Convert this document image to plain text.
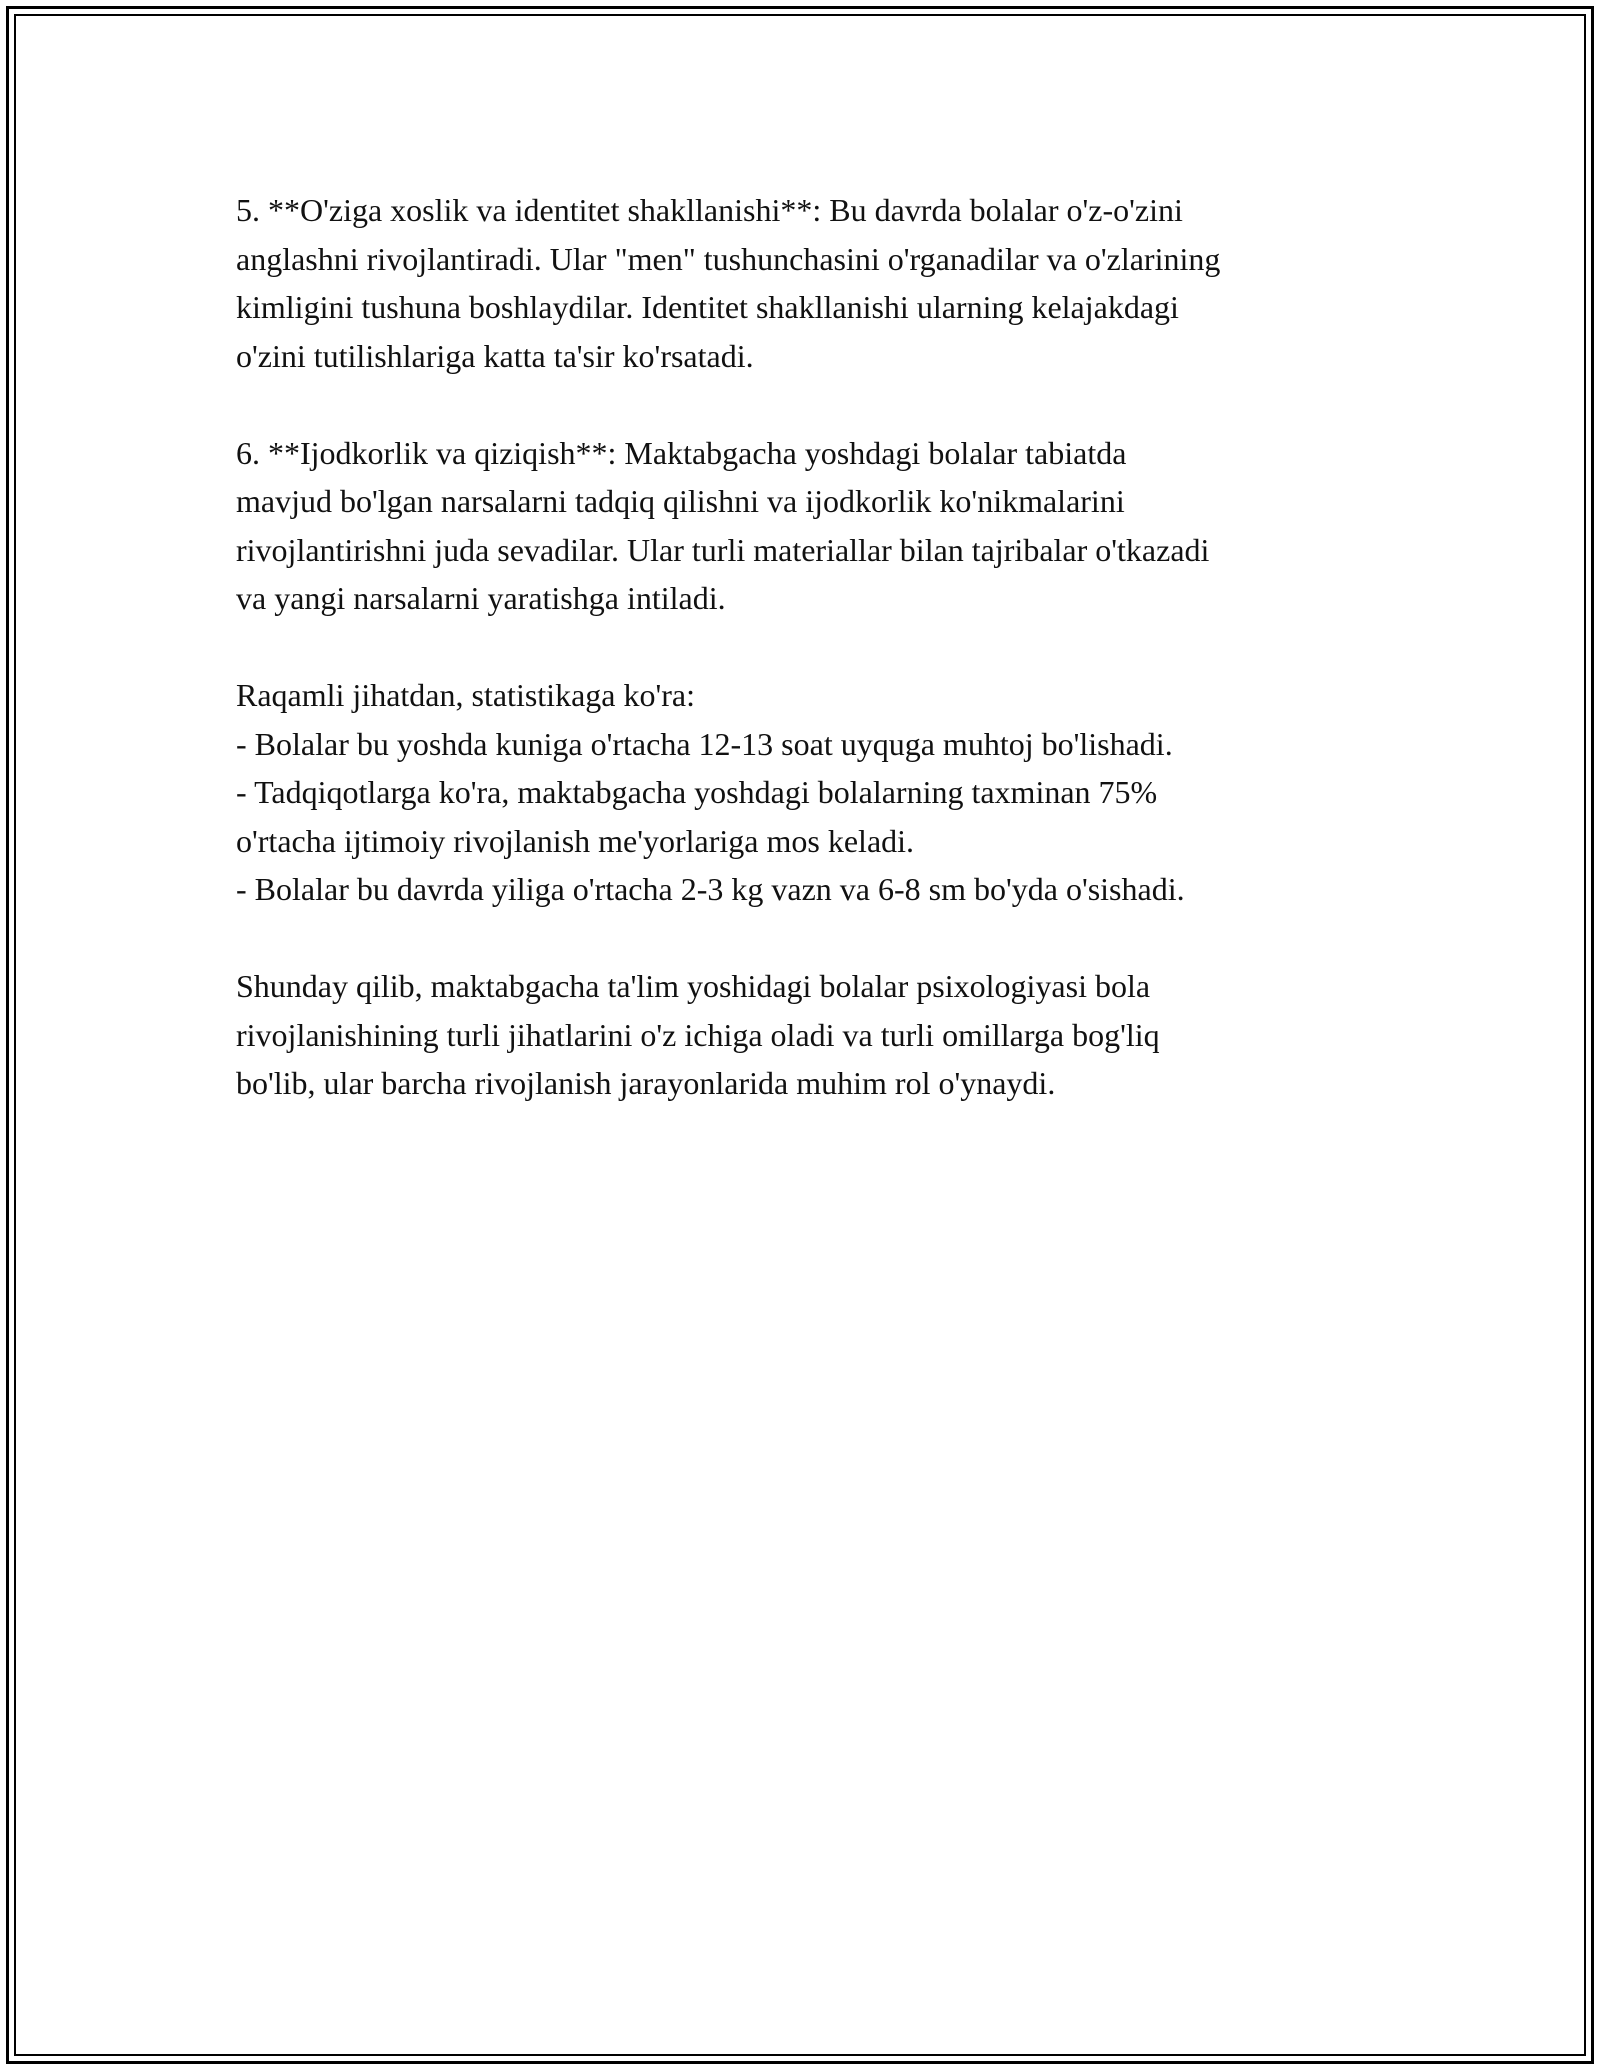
5. **O'ziga xoslik va identitet shakllanishi**: Bu davrda bolalar o'z-o'zini

anglashni rivojlantiradi. Ular "men" tushunchasini o'rganadilar va o'zlarining

kimligini tushuna boshlaydilar. Identitet shakllanishi ularning kelajakdagi

o'zini tutilishlariga katta ta'sir ko'rsatadi.

6. **Ijodkorlik va qiziqish**: Maktabgacha yoshdagi bolalar tabiatda

mavjud bo'lgan narsalarni tadqiq qilishni va ijodkorlik ko'nikmalarini

rivojlantirishni juda sevadilar. Ular turli materiallar bilan tajribalar o'tkazadi

va yangi narsalarni yaratishga intiladi.

Raqamli jihatdan, statistikaga ko'ra:

- Bolalar bu yoshda kuniga o'rtacha 12-13 soat uyquga muhtoj bo'lishadi.

- Tadqiqotlarga ko'ra, maktabgacha yoshdagi bolalarning taxminan 75%

o'rtacha ijtimoiy rivojlanish me'yorlariga mos keladi.

- Bolalar bu davrda yiliga o'rtacha 2-3 kg vazn va 6-8 sm bo'yda o'sishadi.

Shunday qilib, maktabgacha ta'lim yoshidagi bolalar psixologiyasi bola

rivojlanishining turli jihatlarini o'z ichiga oladi va turli omillarga bog'liq

bo'lib, ular barcha rivojlanish jarayonlarida muhim rol o'ynaydi.
